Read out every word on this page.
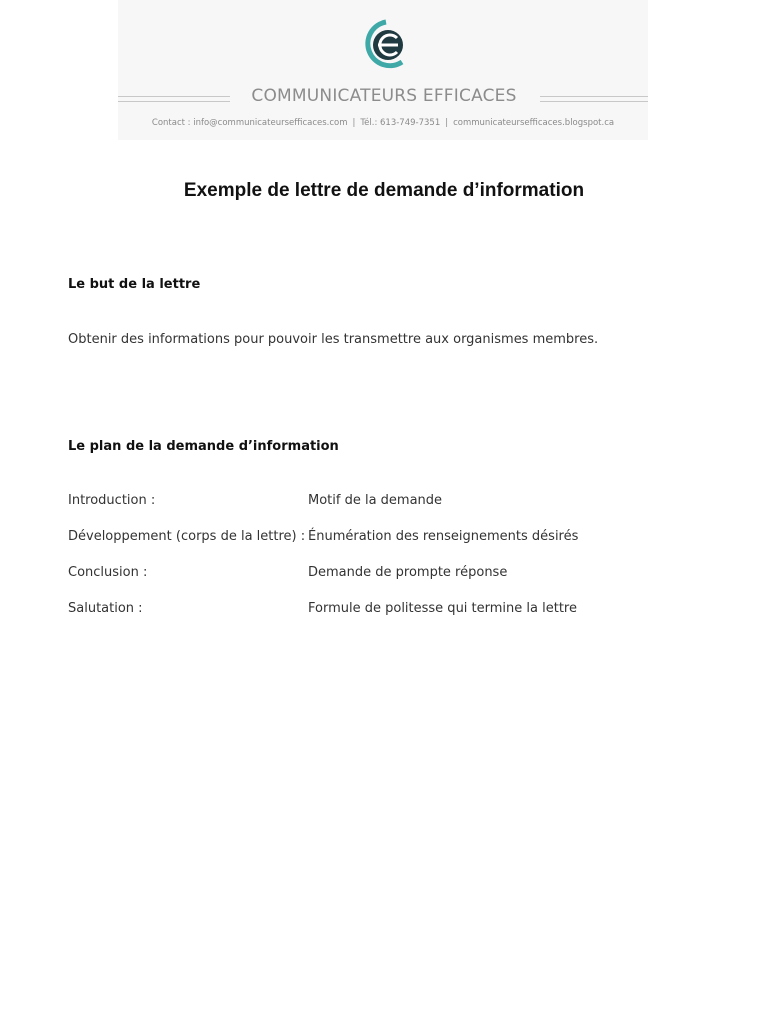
COMMUNICATEURS EFFICACES
Contact : info@communicateursefficaces.com | Tél.: 613-749-7351 | communicateursefficaces.blogspot.ca
Exemple de lettre de demande d’information
Le but de la lettre
Obtenir des informations pour pouvoir les transmettre aux organismes membres.
Le plan de la demande d’information
Introduction :	Motif de la demande
Développement (corps de la lettre) : Énumération des renseignements désirés
Conclusion :	Demande de prompte réponse
Salutation :	Formule de politesse qui termine la lettre
